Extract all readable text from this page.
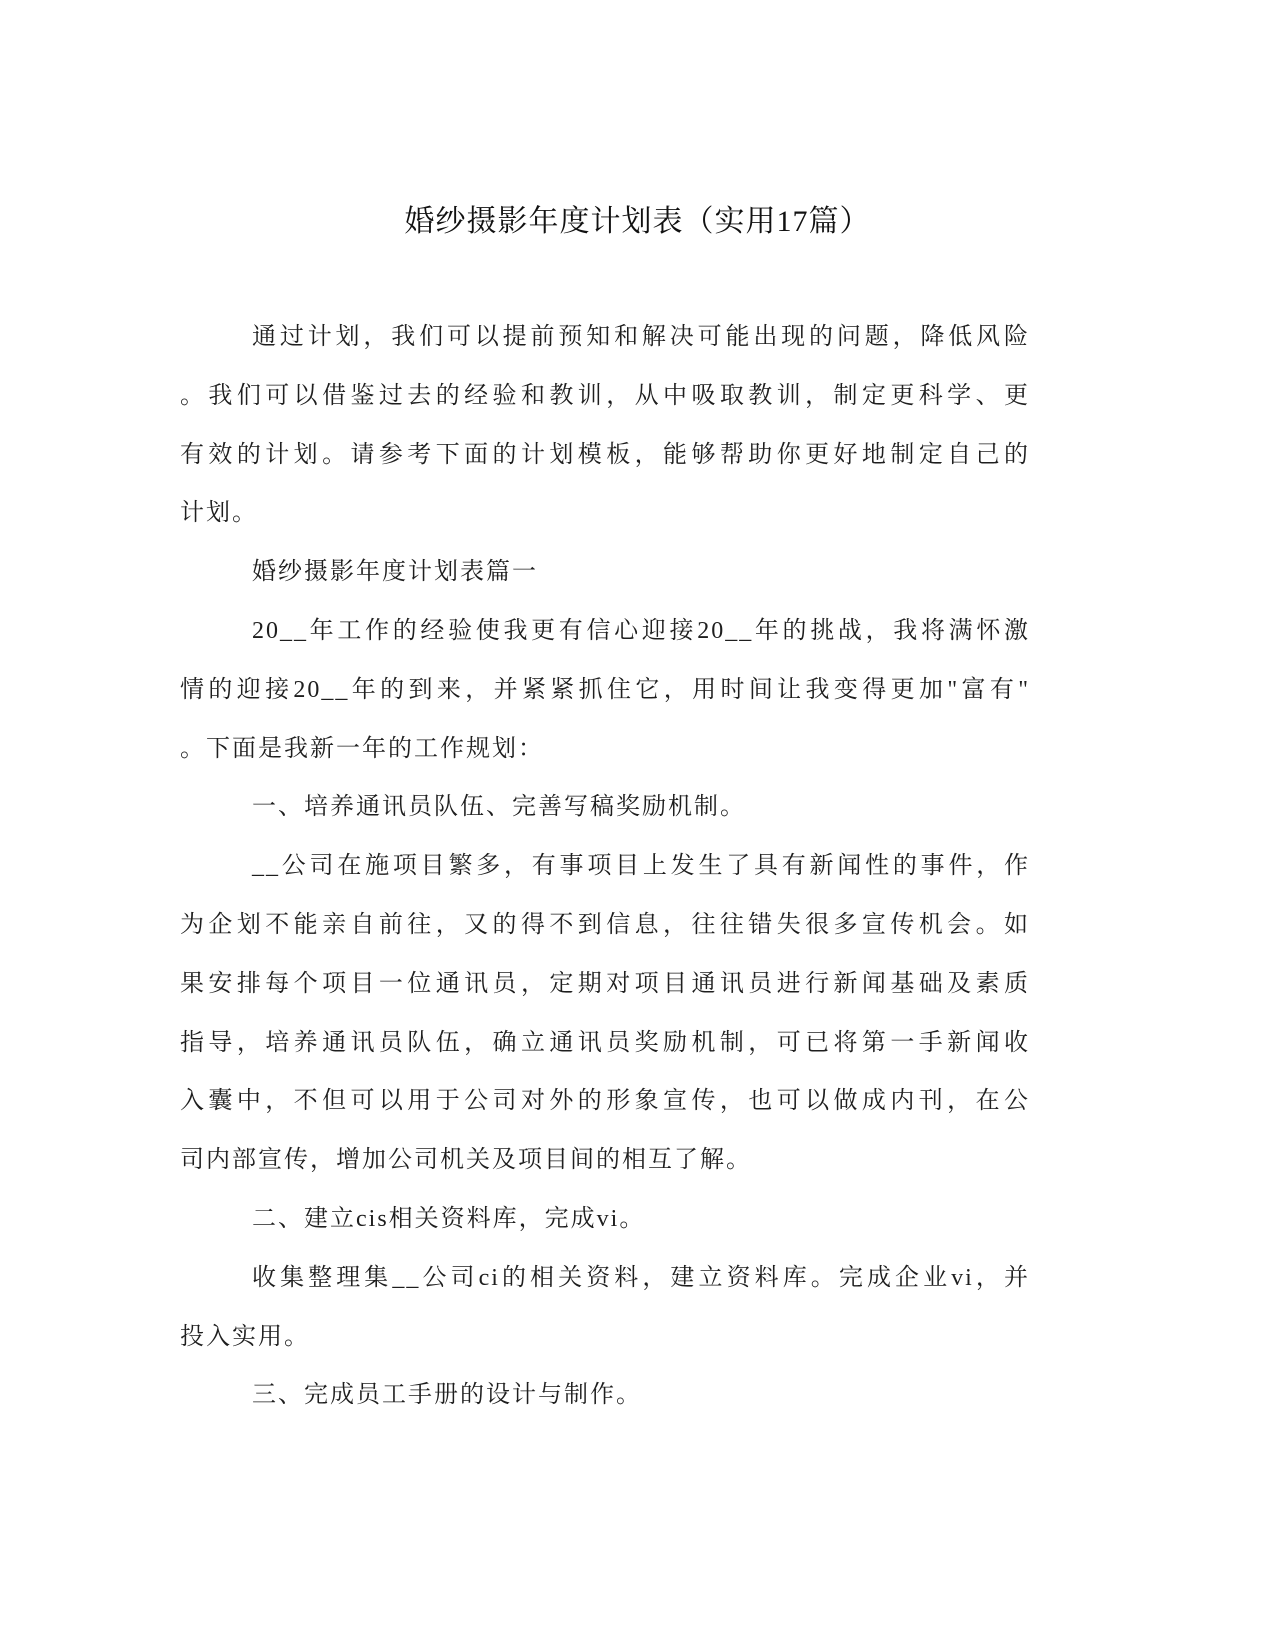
婚纱摄影年度计划表（实用17篇）
通过计划，我们可以提前预知和解决可能出现的问题，降低风险
。我们可以借鉴过去的经验和教训，从中吸取教训，制定更科学、更
有效的计划。请参考下面的计划模板，能够帮助你更好地制定自己的
计划。
婚纱摄影年度计划表篇一
20__年工作的经验使我更有信心迎接20__年的挑战，我将满怀激
情的迎接20__年的到来，并紧紧抓住它，用时间让我变得更加"富有"
。下面是我新一年的工作规划：
一、培养通讯员队伍、完善写稿奖励机制。
__公司在施项目繁多，有事项目上发生了具有新闻性的事件，作
为企划不能亲自前往，又的得不到信息，往往错失很多宣传机会。如
果安排每个项目一位通讯员，定期对项目通讯员进行新闻基础及素质
指导，培养通讯员队伍，确立通讯员奖励机制，可已将第一手新闻收
入囊中，不但可以用于公司对外的形象宣传，也可以做成内刊，在公
司内部宣传，增加公司机关及项目间的相互了解。
二、建立cis相关资料库，完成vi。
收集整理集__公司ci的相关资料，建立资料库。完成企业vi，并
投入实用。
三、完成员工手册的设计与制作。
